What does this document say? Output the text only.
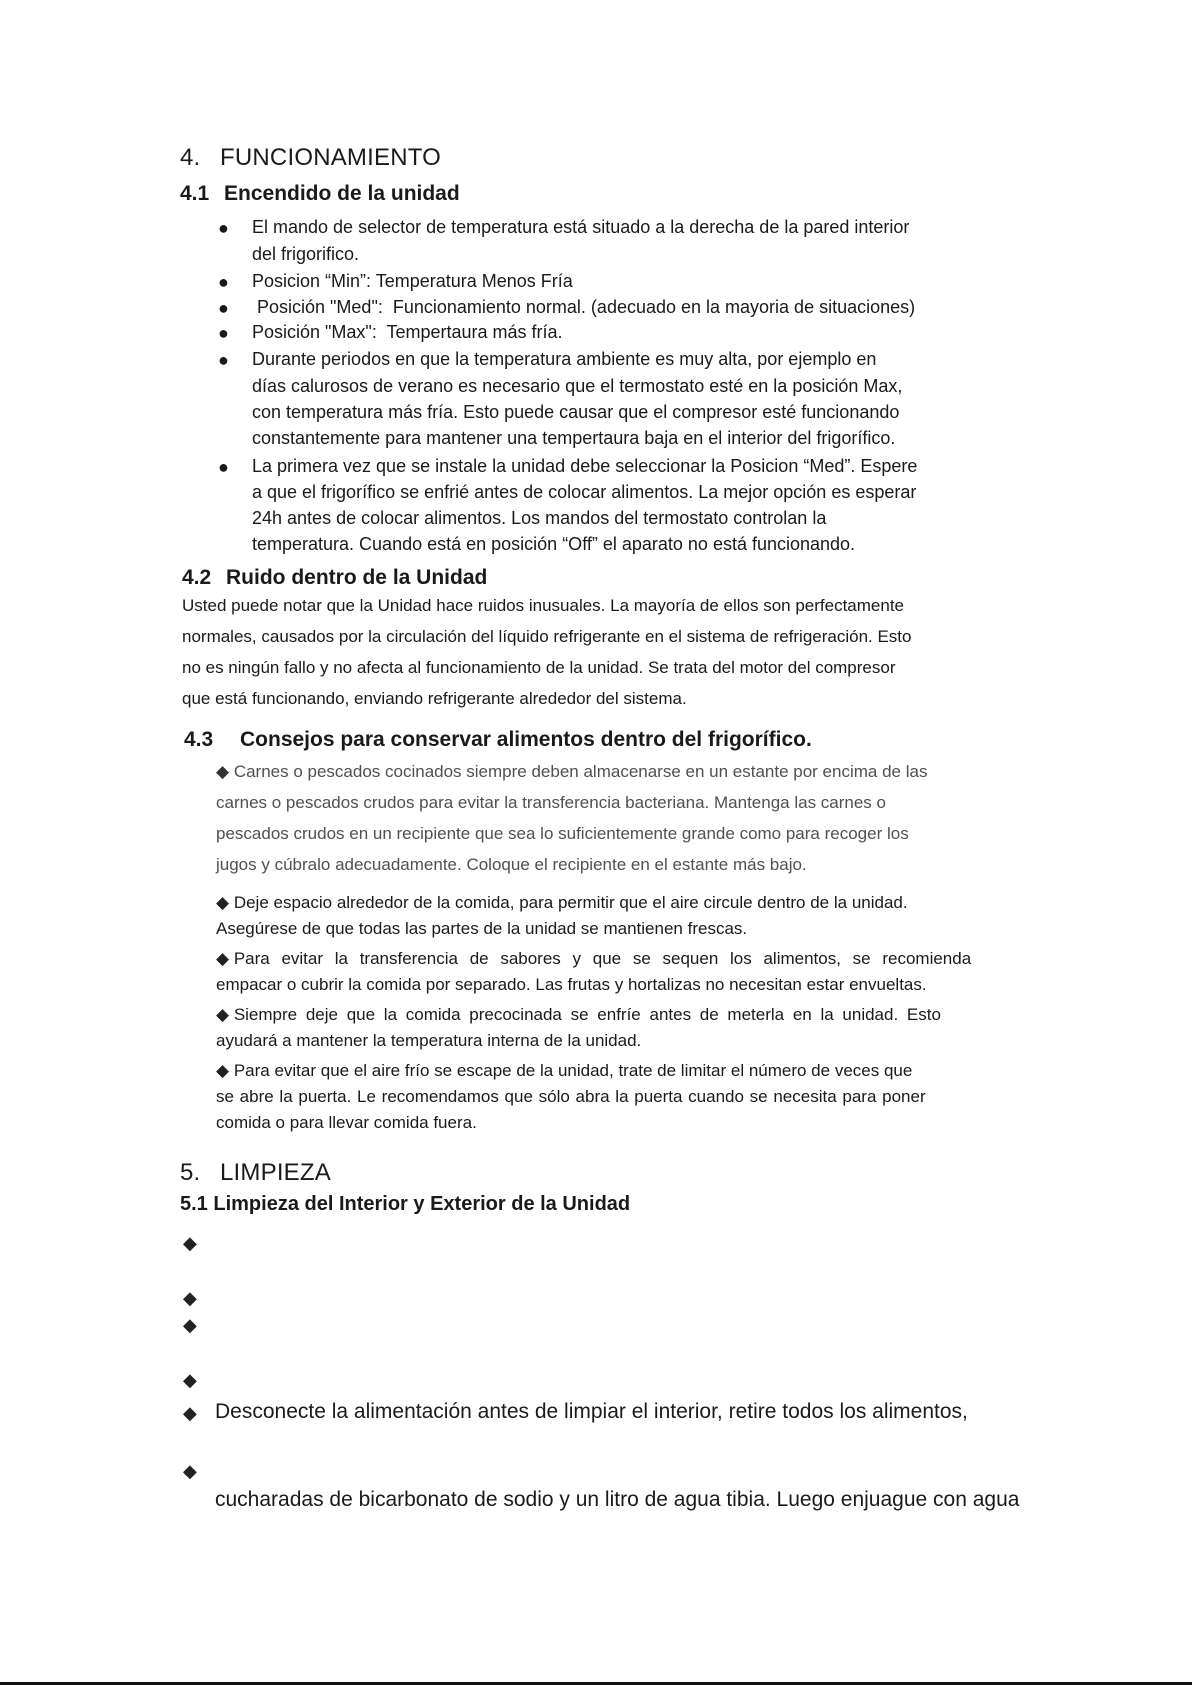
4. FUNCIONAMIENTO
4.1 Encendido de la unidad
● El mando de selector de temperatura está situado a la derecha de la pared interior
del frigorifico.
● Posicion “Min”: Temperatura Menos Fría
● Posición "Med":  Funcionamiento normal. (adecuado en la mayoria de situaciones)
● Posición "Max":  Tempertaura más fría.
● Durante periodos en que la temperatura ambiente es muy alta, por ejemplo en
días calurosos de verano es necesario que el termostato esté en la posición Max,
con temperatura más fría. Esto puede causar que el compresor esté funcionando
constantemente para mantener una tempertaura baja en el interior del frigorífico.
● La primera vez que se instale la unidad debe seleccionar la Posicion “Med”. Espere
a que el frigorífico se enfrié antes de colocar alimentos. La mejor opción es esperar
24h antes de colocar alimentos. Los mandos del termostato controlan la
temperatura. Cuando está en posición “Off” el aparato no está funcionando.
4.2 Ruido dentro de la Unidad
Usted puede notar que la Unidad hace ruidos inusuales. La mayoría de ellos son perfectamente
normales, causados por la circulación del líquido refrigerante en el sistema de refrigeración. Esto
no es ningún fallo y no afecta al funcionamiento de la unidad. Se trata del motor del compresor
que está funcionando, enviando refrigerante alrededor del sistema.
4.3 Consejos para conservar alimentos dentro del frigorífico.
◆ Carnes o pescados cocinados siempre deben almacenarse en un estante por encima de las
carnes o pescados crudos para evitar la transferencia bacteriana. Mantenga las carnes o
pescados crudos en un recipiente que sea lo suficientemente grande como para recoger los
jugos y cúbralo adecuadamente. Coloque el recipiente en el estante más bajo.
◆ Deje espacio alrededor de la comida, para permitir que el aire circule dentro de la unidad.
Asegúrese de que todas las partes de la unidad se mantienen frescas.
◆ Para evitar la transferencia de sabores y que se sequen los alimentos, se recomienda
empacar o cubrir la comida por separado. Las frutas y hortalizas no necesitan estar envueltas.
◆ Siempre deje que la comida precocinada se enfríe antes de meterla en la unidad. Esto
ayudará a mantener la temperatura interna de la unidad.
◆ Para evitar que el aire frío se escape de la unidad, trate de limitar el número de veces que
se abre la puerta. Le recomendamos que sólo abra la puerta cuando se necesita para poner
comida o para llevar comida fuera.
5. LIMPIEZA
5.1 Limpieza del Interior y Exterior de la Unidad
◆
◆
◆
◆
◆ Desconecte la alimentación antes de limpiar el interior, retire todos los alimentos,
◆
cucharadas de bicarbonato de sodio y un litro de agua tibia. Luego enjuague con agua
